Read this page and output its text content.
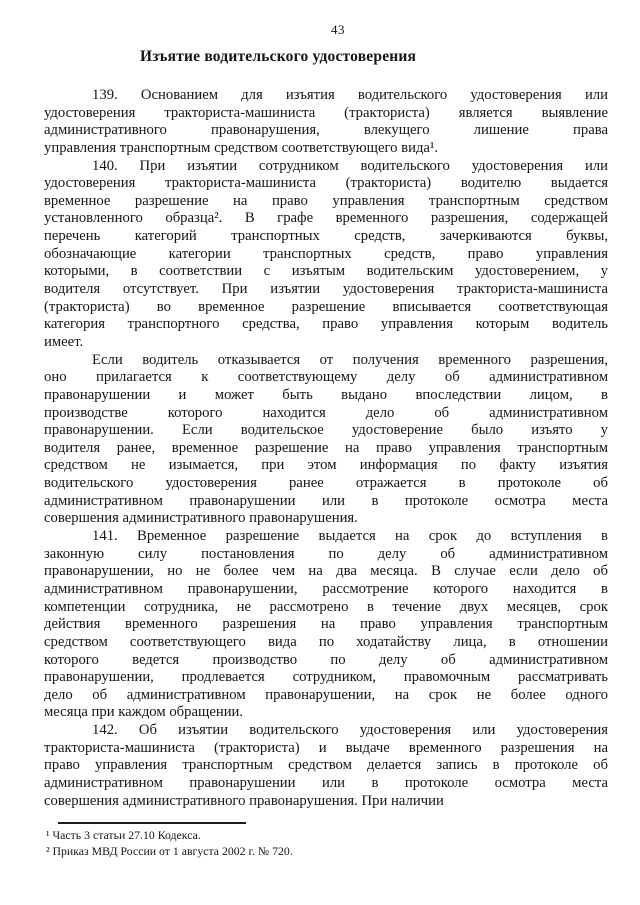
43
Изъятие водительского удостоверения
139. Основанием для изъятия водительского удостоверения или
удостоверения тракториста-машиниста (тракториста) является выявление
административного правонарушения, влекущего лишение права
управления транспортным средством соответствующего вида¹.
140. При изъятии сотрудником водительского удостоверения или
удостоверения тракториста-машиниста (тракториста) водителю выдается
временное разрешение на право управления транспортным средством
установленного образца². В графе временного разрешения, содержащей
перечень категорий транспортных средств, зачеркиваются буквы,
обозначающие категории транспортных средств, право управления
которыми, в соответствии с изъятым водительским удостоверением, у
водителя отсутствует. При изъятии удостоверения тракториста-машиниста
(тракториста) во временное разрешение вписывается соответствующая
категория транспортного средства, право управления которым водитель
имеет.
Если водитель отказывается от получения временного разрешения,
оно прилагается к соответствующему делу об административном
правонарушении и может быть выдано впоследствии лицом, в
производстве которого находится дело об административном
правонарушении. Если водительское удостоверение было изъято у
водителя ранее, временное разрешение на право управления транспортным
средством не изымается, при этом информация по факту изъятия
водительского удостоверения ранее отражается в протоколе об
административном правонарушении или в протоколе осмотра места
совершения административного правонарушения.
141. Временное разрешение выдается на срок до вступления в
законную силу постановления по делу об административном
правонарушении, но не более чем на два месяца. В случае если дело об
административном правонарушении, рассмотрение которого находится в
компетенции сотрудника, не рассмотрено в течение двух месяцев, срок
действия временного разрешения на право управления транспортным
средством соответствующего вида по ходатайству лица, в отношении
которого ведется производство по делу об административном
правонарушении, продлевается сотрудником, правомочным рассматривать
дело об административном правонарушении, на срок не более одного
месяца при каждом обращении.
142. Об изъятии водительского удостоверения или удостоверения
тракториста-машиниста (тракториста) и выдаче временного разрешения на
право управления транспортным средством делается запись в протоколе об
административном правонарушении или в протоколе осмотра места
совершения административного правонарушения. При наличии
¹ Часть 3 статьи 27.10 Кодекса.
² Приказ МВД России от 1 августа 2002 г. № 720.
